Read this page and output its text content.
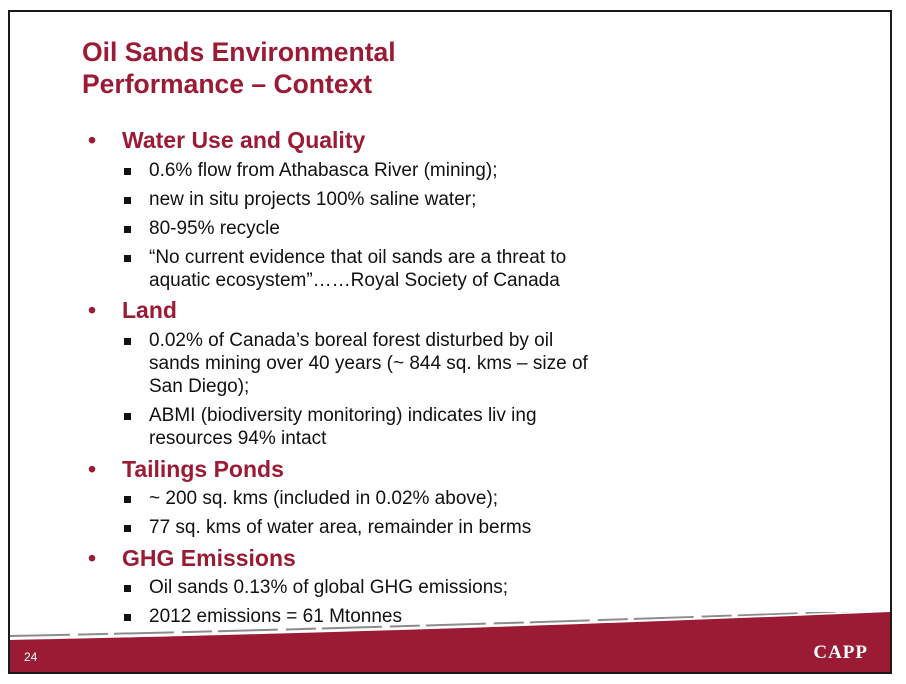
Oil Sands Environmental
Performance – Context
• Water Use and Quality
0.6% flow from Athabasca River (mining);
new in situ projects 100% saline water;
80-95% recycle
“No current evidence that oil sands are a threat to aquatic ecosystem”……Royal Society of Canada
• Land
0.02% of Canada’s boreal forest disturbed by oil sands mining over 40 years (~ 844 sq. kms – size of San Diego);
ABMI (biodiversity monitoring) indicates liv ing resources 94% intact
• Tailings Ponds
~ 200 sq. kms (included in 0.02% above);
77 sq. kms of water area, remainder in berms
• GHG Emissions
Oil sands 0.13% of global GHG emissions;
2012 emissions = 61 Mtonnes
24	CAPP
